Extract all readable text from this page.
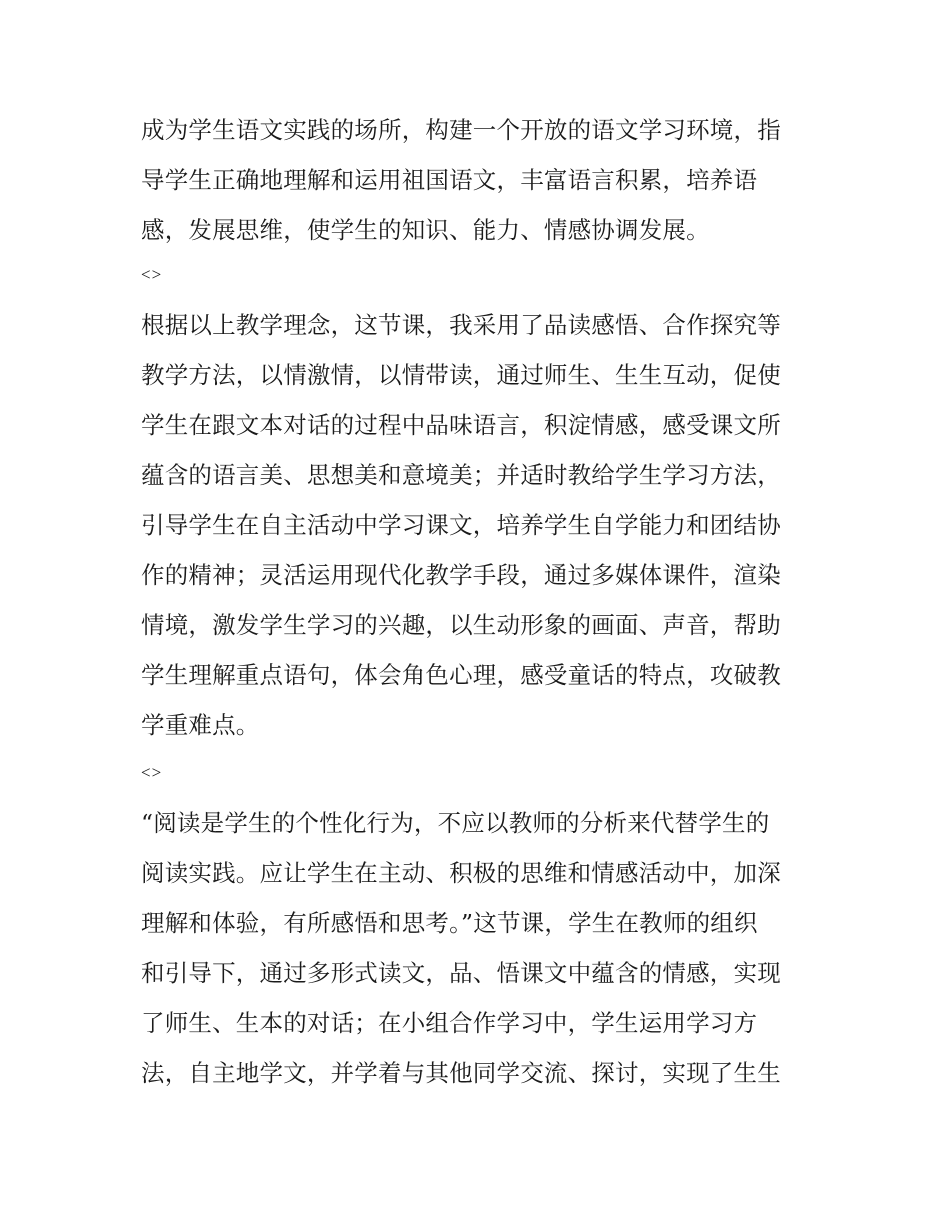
成为学生语文实践的场所，构建一个开放的语文学习环境，指
导学生正确地理解和运用祖国语文，丰富语言积累，培养语
感，发展思维，使学生的知识、能力、情感协调发展。
<>
根据以上教学理念，这节课，我采用了品读感悟、合作探究等
教学方法，以情激情，以情带读，通过师生、生生互动，促使
学生在跟文本对话的过程中品味语言，积淀情感，感受课文所
蕴含的语言美、思想美和意境美；并适时教给学生学习方法，
引导学生在自主活动中学习课文，培养学生自学能力和团结协
作的精神；灵活运用现代化教学手段，通过多媒体课件，渲染
情境，激发学生学习的兴趣，以生动形象的画面、声音，帮助
学生理解重点语句，体会角色心理，感受童话的特点，攻破教
学重难点。
<>
“阅读是学生的个性化行为，不应以教师的分析来代替学生的
阅读实践。应让学生在主动、积极的思维和情感活动中，加深
理解和体验，有所感悟和思考。”这节课，学生在教师的组织
和引导下，通过多形式读文，品、悟课文中蕴含的情感，实现
了师生、生本的对话；在小组合作学习中，学生运用学习方
法，自主地学文，并学着与其他同学交流、探讨，实现了生生
